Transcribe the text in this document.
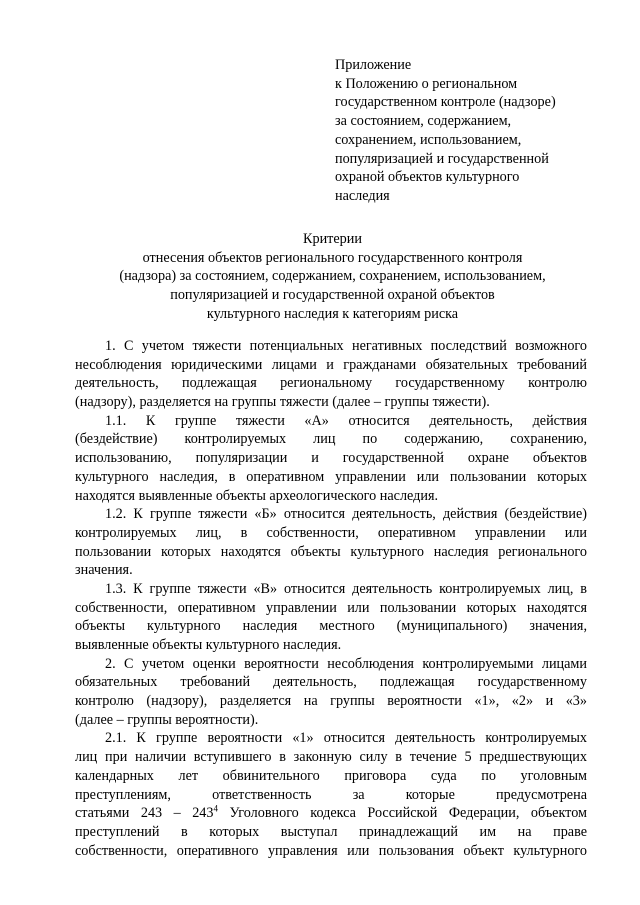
Приложение
к Положению о региональном
государственном контроле (надзоре)
за состоянием, содержанием,
сохранением, использованием,
популяризацией и государственной
охраной объектов культурного
наследия
Критерии
отнесения объектов регионального государственного контроля
(надзора) за состоянием, содержанием, сохранением, использованием,
популяризацией и государственной охраной объектов
культурного наследия к категориям риска
1. С учетом тяжести потенциальных негативных последствий возможного
несоблюдения юридическими лицами и гражданами обязательных требований
деятельность, подлежащая региональному государственному контролю
(надзору), разделяется на группы тяжести (далее – группы тяжести).
1.1. К группе тяжести «А» относится деятельность, действия
(бездействие) контролируемых лиц по содержанию, сохранению,
использованию, популяризации и государственной охране объектов
культурного наследия, в оперативном управлении или пользовании которых
находятся выявленные объекты археологического наследия.
1.2. К группе тяжести «Б» относится деятельность, действия (бездействие)
контролируемых лиц, в собственности, оперативном управлении или
пользовании которых находятся объекты культурного наследия регионального
значения.
1.3. К группе тяжести «В» относится деятельность контролируемых лиц, в
собственности, оперативном управлении или пользовании которых находятся
объекты культурного наследия местного (муниципального) значения,
выявленные объекты культурного наследия.
2. С учетом оценки вероятности несоблюдения контролируемыми лицами
обязательных требований деятельность, подлежащая государственному
контролю (надзору), разделяется на группы вероятности «1», «2» и «3»
(далее – группы вероятности).
2.1. К группе вероятности «1» относится деятельность контролируемых
лиц при наличии вступившего в законную силу в течение 5 предшествующих
календарных лет обвинительного приговора суда по уголовным
преступлениям, ответственность за которые предусмотрена
статьями $243 - 243^4$ Уголовного кодекса Российской Федерации, объектом
преступлений в которых выступал принадлежащий им на праве
собственности, оперативного управления или пользования объект культурного
